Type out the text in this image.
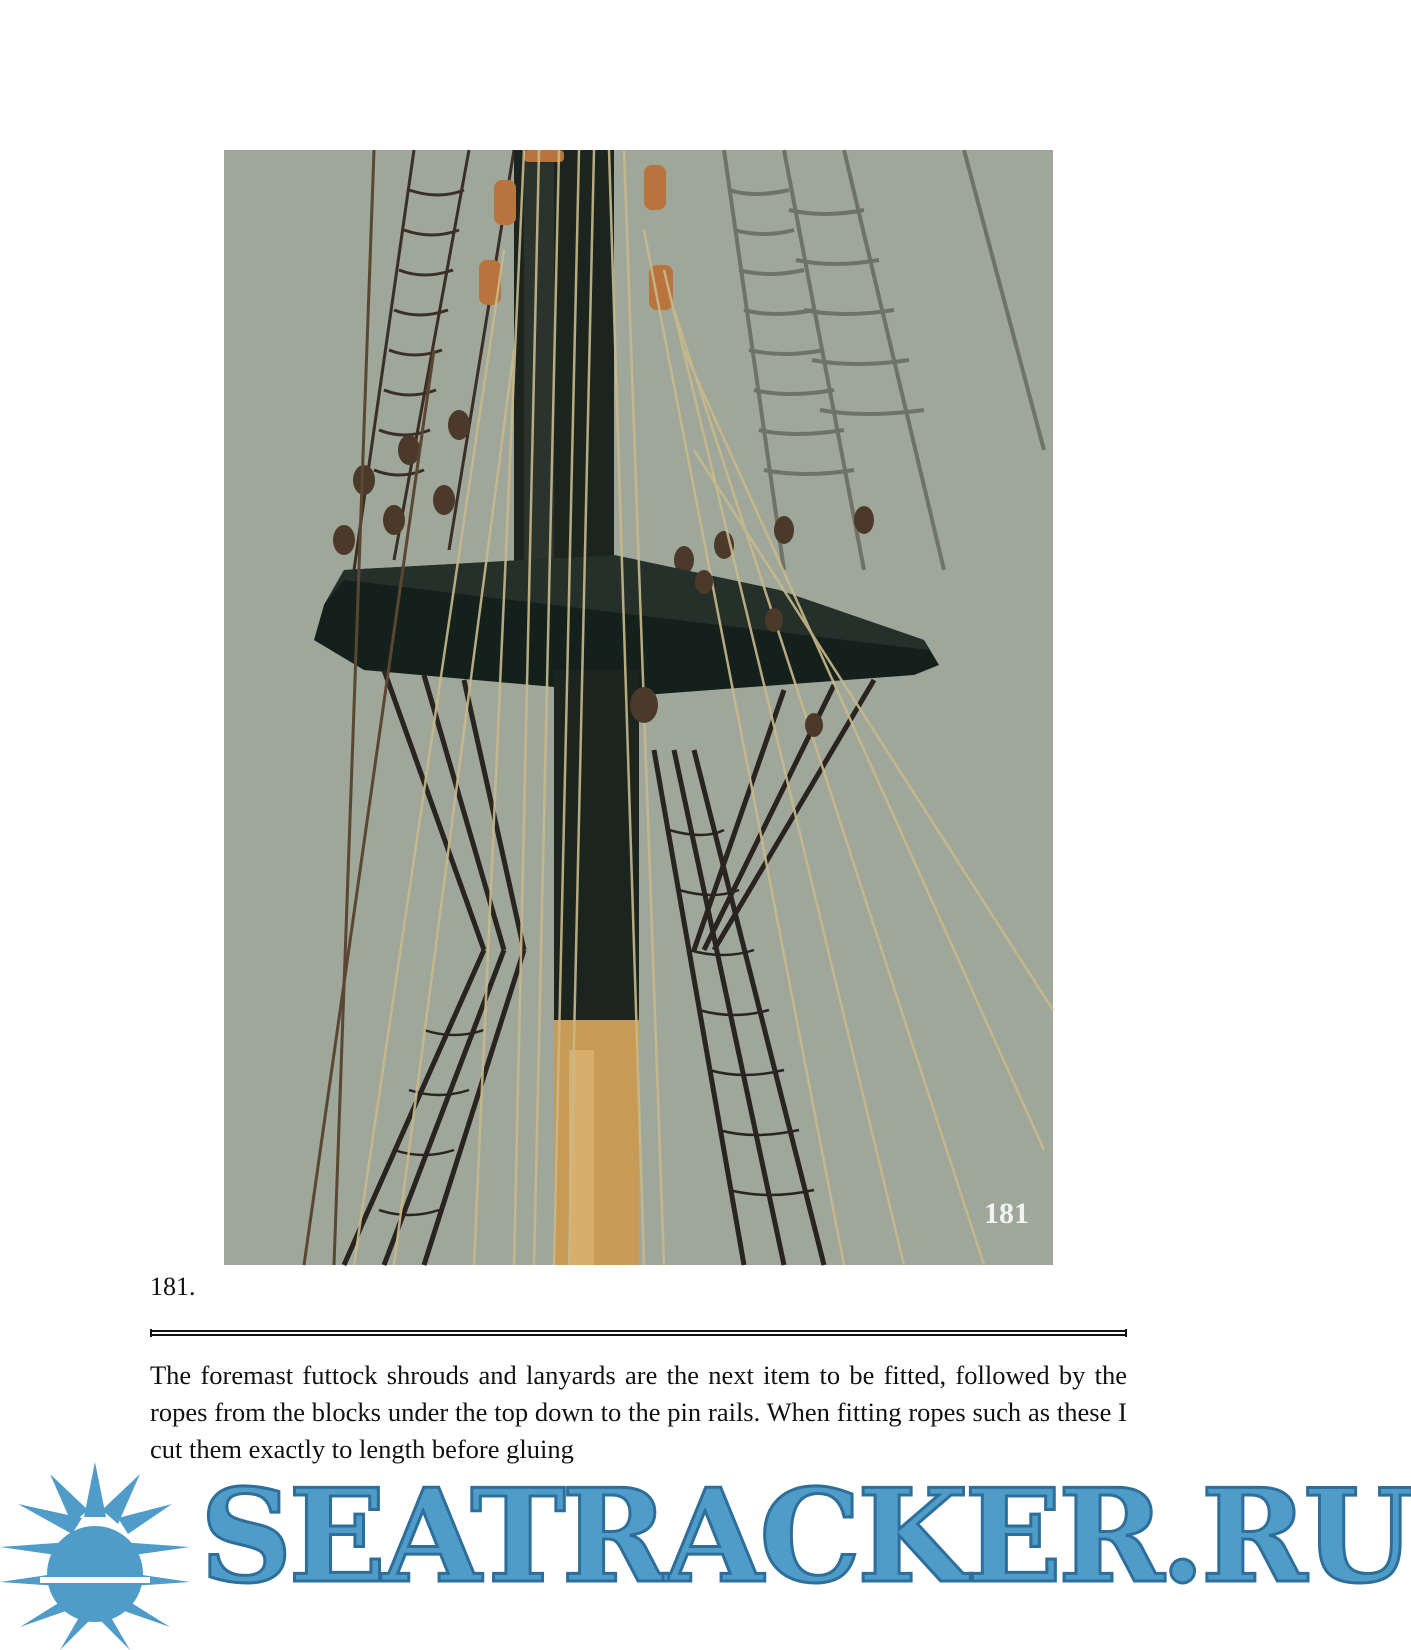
181
181.

The foremast futtock shrouds and lanyards are the next item to be fitted, followed by the ropes from the blocks under the top down to the pin rails. When fitting ropes such as these I cut them exactly to length before gluing

SEATRACKER.RU
